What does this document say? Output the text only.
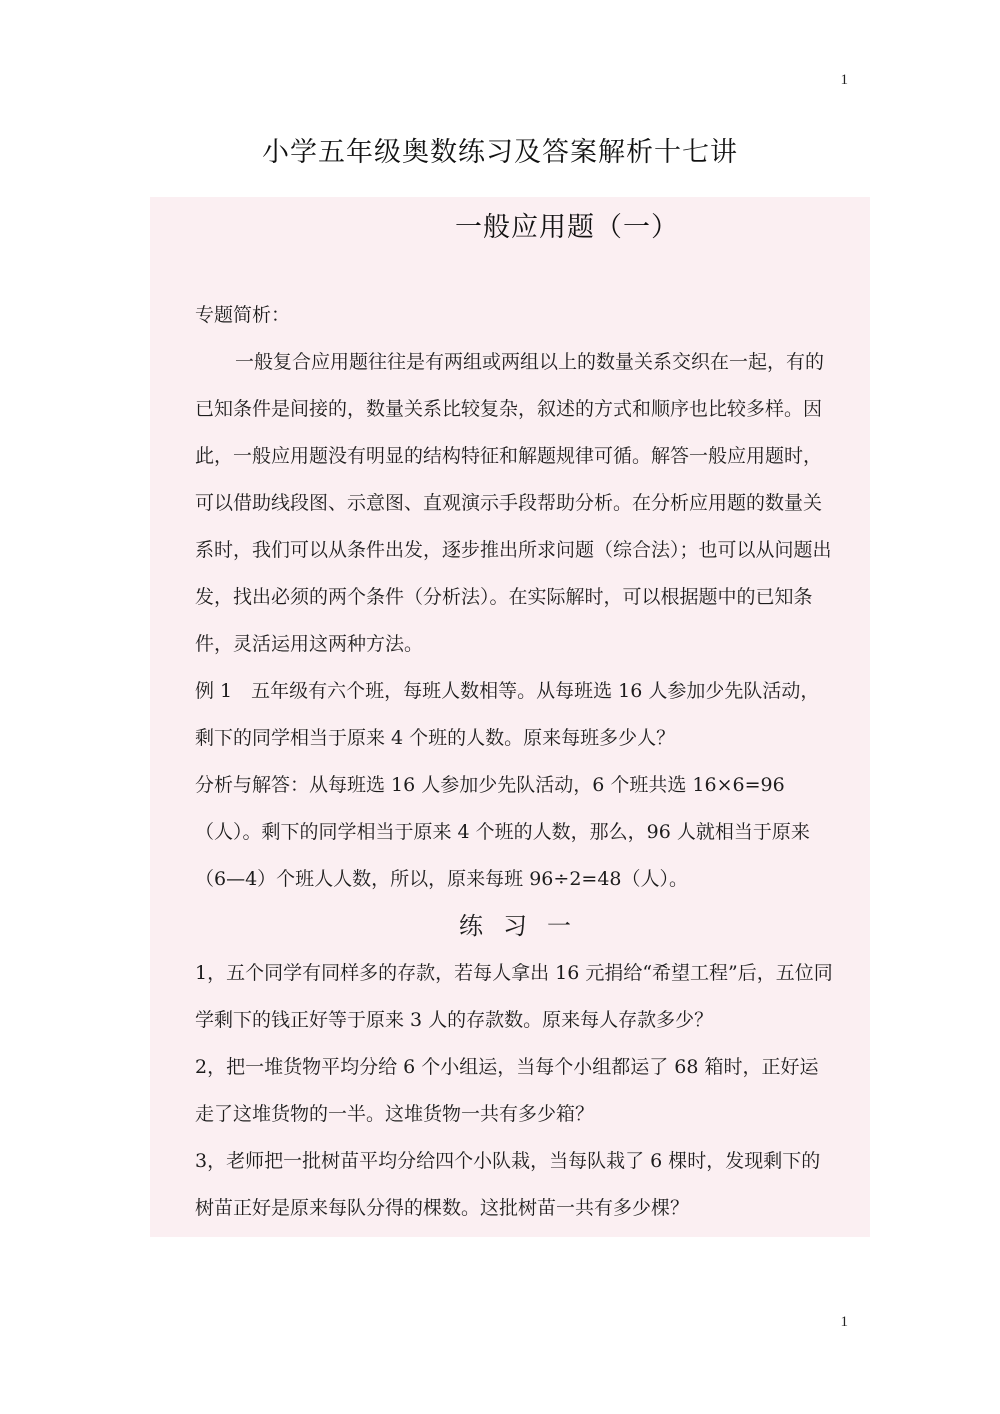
1
小学五年级奥数练习及答案解析十七讲
一般应用题（一）

专题简析：

一般复合应用题往往是有两组或两组以上的数量关系交织在一起，有的已知条件是间接的，数量关系比较复杂，叙述的方式和顺序也比较多样。因此，一般应用题没有明显的结构特征和解题规律可循。解答一般应用题时，可以借助线段图、示意图、直观演示手段帮助分析。在分析应用题的数量关系时，我们可以从条件出发，逐步推出所求问题（综合法）；也可以从问题出发，找出必须的两个条件（分析法）。在实际解时，可以根据题中的已知条件，灵活运用这两种方法。

例 1　五年级有六个班，每班人数相等。从每班选 16 人参加少先队活动，剩下的同学相当于原来 4 个班的人数。原来每班多少人？

分析与解答：从每班选 16 人参加少先队活动，6 个班共选 16×6=96（人）。剩下的同学相当于原来 4 个班的人数，那么，96 人就相当于原来（6—4）个班人人数，所以，原来每班 96÷2=48（人）。

练习一

1，五个同学有同样多的存款，若每人拿出 16 元捐给“希望工程”后，五位同学剩下的钱正好等于原来 3 人的存款数。原来每人存款多少？

2，把一堆货物平均分给 6 个小组运，当每个小组都运了 68 箱时，正好运走了这堆货物的一半。这堆货物一共有多少箱？

3，老师把一批树苗平均分给四个小队栽，当每队栽了 6 棵时，发现剩下的树苗正好是原来每队分得的棵数。这批树苗一共有多少棵？

1
